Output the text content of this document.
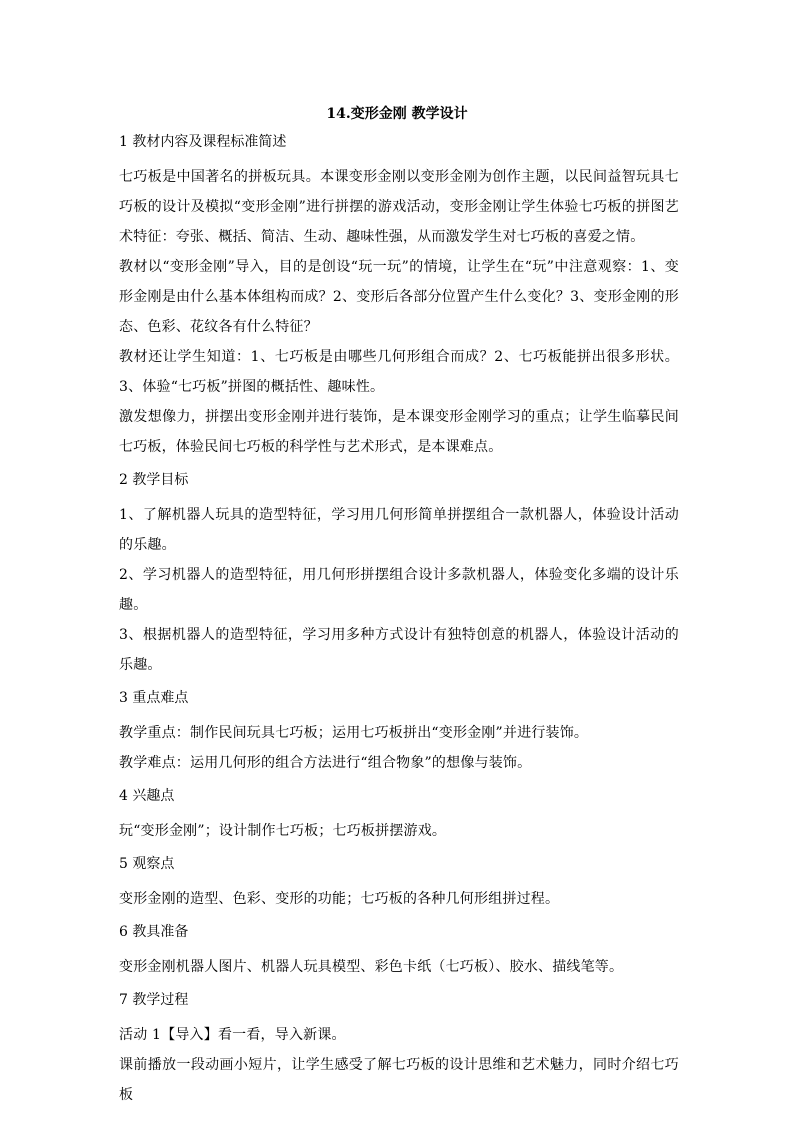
14.变形金刚 教学设计
1 教材内容及课程标准简述
七巧板是中国著名的拼板玩具。本课变形金刚以变形金刚为创作主题，以民间益智玩具七巧板的设计及模拟“变形金刚”进行拼摆的游戏活动，变形金刚让学生体验七巧板的拼图艺术特征：夸张、概括、简洁、生动、趣味性强，从而激发学生对七巧板的喜爱之情。
教材以“变形金刚”导入，目的是创设“玩一玩”的情境，让学生在“玩”中注意观察：1、变形金刚是由什么基本体组构而成？2、变形后各部分位置产生什么变化？3、变形金刚的形态、色彩、花纹各有什么特征？
教材还让学生知道：1、七巧板是由哪些几何形组合而成？2、七巧板能拼出很多形状。3、体验“七巧板”拼图的概括性、趣味性。
激发想像力，拼摆出变形金刚并进行装饰，是本课变形金刚学习的重点；让学生临摹民间七巧板，体验民间七巧板的科学性与艺术形式，是本课难点。
2 教学目标
1、了解机器人玩具的造型特征，学习用几何形简单拼摆组合一款机器人，体验设计活动的乐趣。
2、学习机器人的造型特征，用几何形拼摆组合设计多款机器人，体验变化多端的设计乐趣。
3、根据机器人的造型特征，学习用多种方式设计有独特创意的机器人，体验设计活动的乐趣。
3 重点难点
教学重点：制作民间玩具七巧板；运用七巧板拼出“变形金刚”并进行装饰。
教学难点：运用几何形的组合方法进行“组合物象”的想像与装饰。
4 兴趣点
玩“变形金刚”；设计制作七巧板；七巧板拼摆游戏。
5 观察点
变形金刚的造型、色彩、变形的功能；七巧板的各种几何形组拼过程。
6 教具准备
变形金刚机器人图片、机器人玩具模型、彩色卡纸（七巧板）、胶水、描线笔等。
7 教学过程
活动 1【导入】看一看，导入新课。
课前播放一段动画小短片，让学生感受了解七巧板的设计思维和艺术魅力，同时介绍七巧板
